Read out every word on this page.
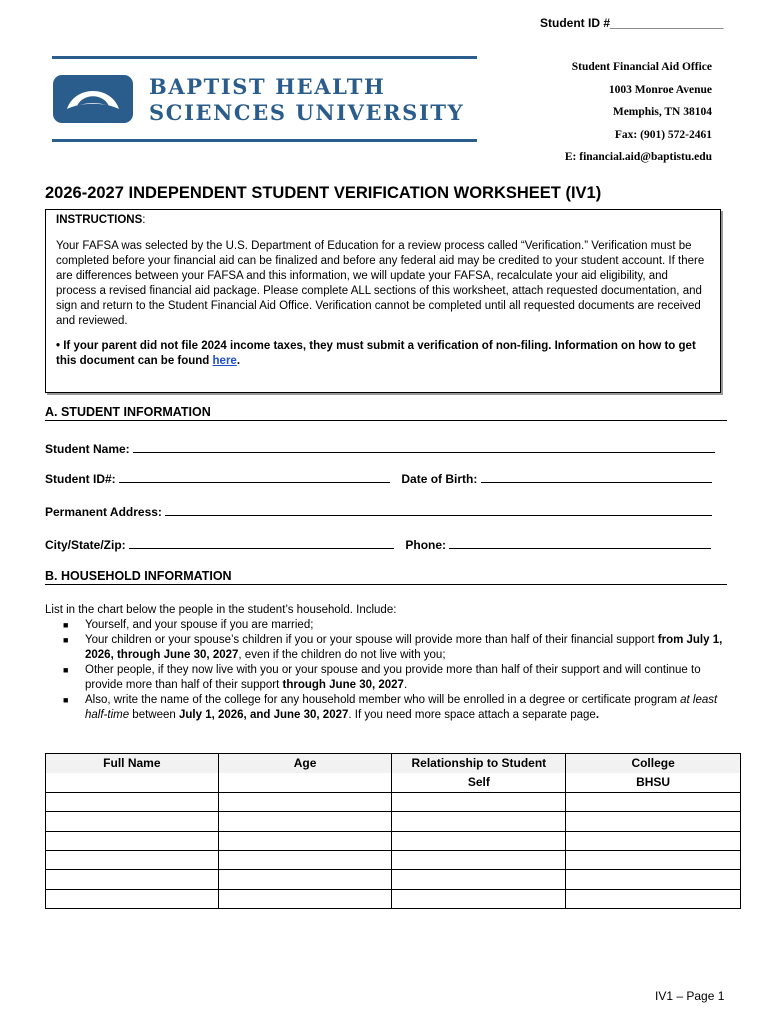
Student ID #_________________
BAPTIST HEALTH
SCIENCES UNIVERSITY
Student Financial Aid Office
1003 Monroe Avenue
Memphis, TN 38104
Fax: (901) 572-2461
E: financial.aid@baptistu.edu
2026-2027 INDEPENDENT STUDENT VERIFICATION WORKSHEET (IV1)
INSTRUCTIONS:
Your FAFSA was selected by the U.S. Department of Education for a review process called “Verification.” Verification must be completed before your financial aid can be finalized and before any federal aid may be credited to your student account. If there are differences between your FAFSA and this information, we will update your FAFSA, recalculate your aid eligibility, and process a revised financial aid package. Please complete ALL sections of this worksheet, attach requested documentation, and sign and return to the Student Financial Aid Office. Verification cannot be completed until all requested documents are received and reviewed.
• If your parent did not file 2024 income taxes, they must submit a verification of non-filing. Information on how to get this document can be found here.
A. STUDENT INFORMATION
Student Name:
Student ID#:	Date of Birth:
Permanent Address:
City/State/Zip:	Phone:
B. HOUSEHOLD INFORMATION
List in the chart below the people in the student’s household. Include:
■ Yourself, and your spouse if you are married;
■ Your children or your spouse’s children if you or your spouse will provide more than half of their financial support from July 1, 2026, through June 30, 2027, even if the children do not live with you;
■ Other people, if they now live with you or your spouse and you provide more than half of their support and will continue to provide more than half of their support through June 30, 2027.
■ Also, write the name of the college for any household member who will be enrolled in a degree or certificate program at least half-time between July 1, 2026, and June 30, 2027. If you need more space attach a separate page.
Full Name	Age	Relationship to Student	College
		Self	BHSU

IV1 – Page 1
